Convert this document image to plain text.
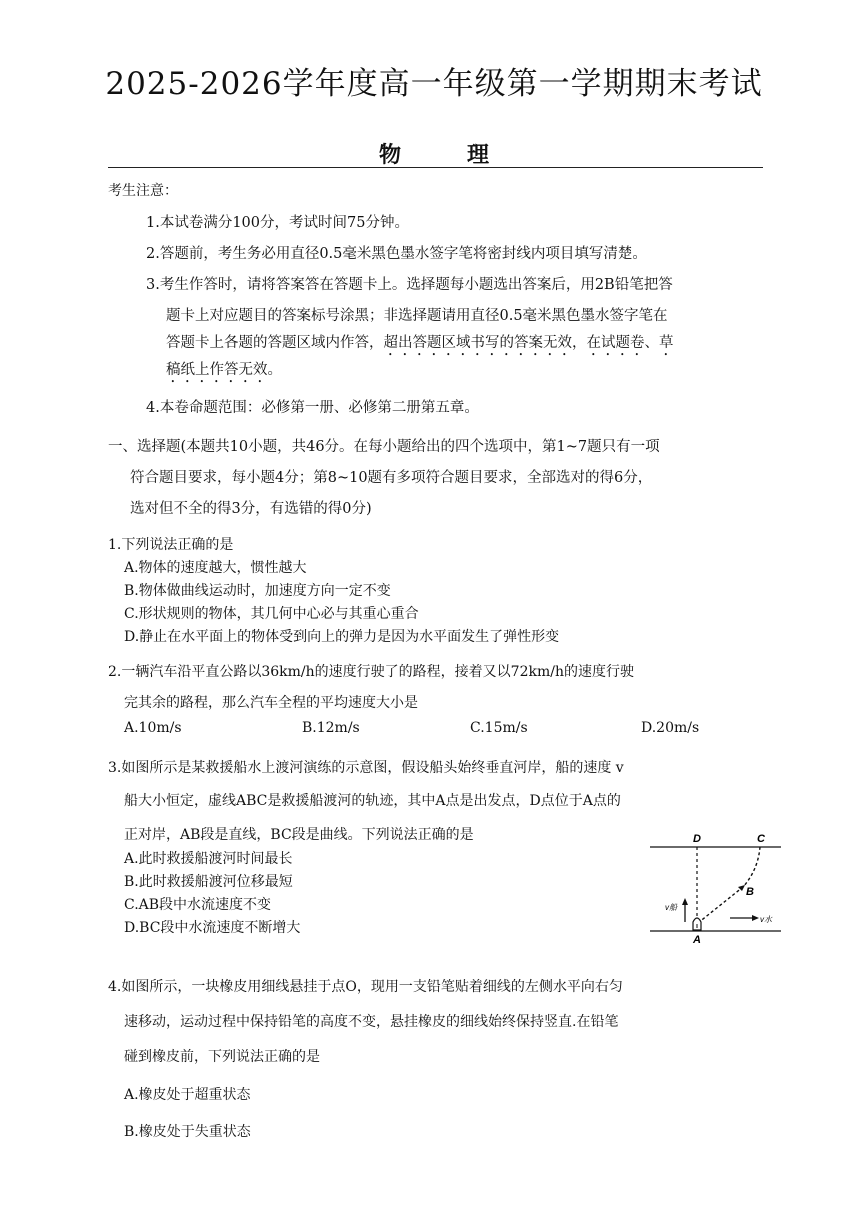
2025-2026学年度高一年级第一学期期末考试
物　　　理
考生注意：
1.本试卷满分100分，考试时间75分钟。
2.答题前，考生务必用直径0.5毫米黑色墨水签字笔将密封线内项目填写清楚。
3.考生作答时，请将答案答在答题卡上。选择题每小题选出答案后，用2B铅笔把答
题卡上对应题目的答案标号涂黑；非选择题请用直径0.5毫米黑色墨水签字笔在
答题卡上各题的答题区域内作答，超出答题区域书写的答案无效，在试题卷、草
稿纸上作答无效。
4.本卷命题范围：必修第一册、必修第二册第五章。
一、选择题(本题共10小题，共46分。在每小题给出的四个选项中，第1~7题只有一项
符合题目要求，每小题4分；第8~10题有多项符合题目要求，全部选对的得6分，
选对但不全的得3分，有选错的得0分)
1.下列说法正确的是
A.物体的速度越大，惯性越大
B.物体做曲线运动时，加速度方向一定不变
C.形状规则的物体，其几何中心必与其重心重合
D.静止在水平面上的物体受到向上的弹力是因为水平面发生了弹性形变
2.一辆汽车沿平直公路以36km/h的速度行驶了的路程，接着又以72km/h的速度行驶
完其余的路程，那么汽车全程的平均速度大小是
A.10m/s	B.12m/s	C.15m/s	D.20m/s
3.如图所示是某救援船水上渡河演练的示意图，假设船头始终垂直河岸，船的速度 v
船大小恒定，虚线ABC是救援船渡河的轨迹，其中A点是出发点，D点位于A点的
正对岸，AB段是直线，BC段是曲线。下列说法正确的是
A.此时救援船渡河时间最长
B.此时救援船渡河位移最短
C.AB段中水流速度不变
D.BC段中水流速度不断增大
D	C
B
A
v船
v水
4.如图所示，一块橡皮用细线悬挂于点O，现用一支铅笔贴着细线的左侧水平向右匀
速移动，运动过程中保持铅笔的高度不变，悬挂橡皮的细线始终保持竖直.在铅笔
碰到橡皮前，下列说法正确的是
A.橡皮处于超重状态
B.橡皮处于失重状态
